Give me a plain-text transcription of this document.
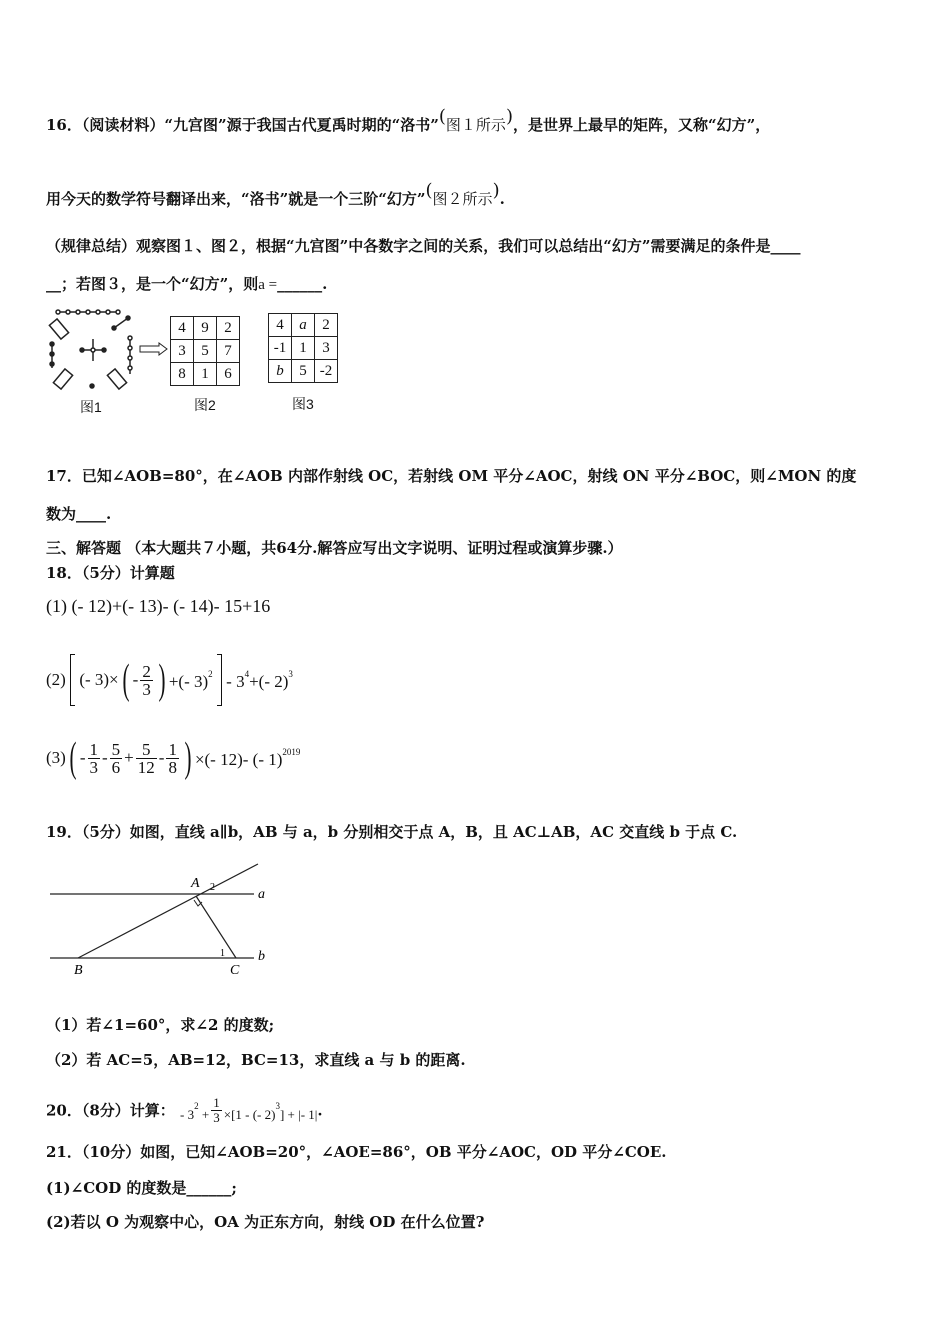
16．（阅读材料）“九宫图”源于我国古代夏禹时期的“洛书”(图１所示)，是世界上最早的矩阵，又称“幻方”，
用今天的数学符号翻译出来，“洛书”就是一个三阶“幻方”(图２所示).
（规律总结）观察图１、图２，根据“九宫图”中各数字之间的关系，我们可以总结出“幻方”需要满足的条件是____
__；若图３，是一个“幻方”，则a =______.
图1
4	9	2
3	5	7
8	1	6
图2
4	a	2
-1	1	3
b	5	-2
图3
17．已知∠AOB=80°，在∠AOB 内部作射线 OC，若射线 OM 平分∠AOC，射线 ON 平分∠BOC，则∠MON 的度
数为____.
三、解答题 （本大题共７小题，共64分.解答应写出文字说明、证明过程或演算步骤.）
18．（5分）计算题
(1) (- 12)+(- 13)- (- 14)- 15+16
(2) (- $3)\times( - \frac{2}{3}$ ) +(- $3)^2 - 3^4+(-$ 2)$^3$
$(3)( - \frac{1}{3} - \frac{5}{6} + \frac{5}{12} - \frac{1}{8}$ ) ×(- 12)- (- 1)$^{2019}$
19．（5分）如图，直线 a∥b，AB 与 a，b 分别相交于点 A，B，且 AC⊥AB，AC 交直线 b 于点 C.
A 2	a
1 b
B	C
（1）若∠1=60°，求∠2 的度数;
（2）若 AC=5，AB=12，BC=13，求直线 a 与 b 的距离.
20．（8分）计算： - $3^2 + \frac{1}{3} \times[1$ - (- 2)$^3$] + |- 1|.
21．（10分）如图，已知∠AOB=20°，∠AOE=86°，OB 平分∠AOC，OD 平分∠COE.
(1)∠COD 的度数是______;
(2)若以 O 为观察中心，OA 为正东方向，射线 OD 在什么位置?
